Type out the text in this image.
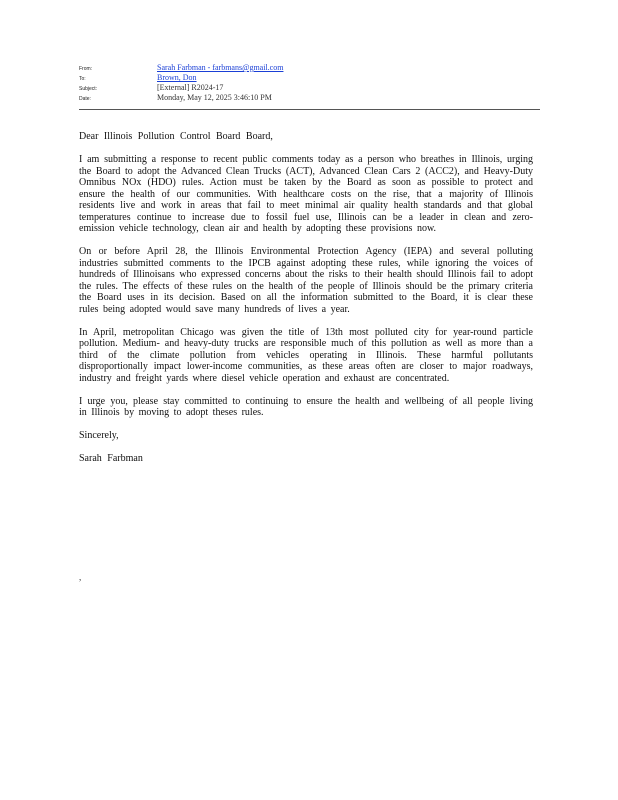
From:	Sarah Farbman - farbmans@gmail.com
To:	Brown, Don
Subject:	[External] R2024-17
Date:	Monday, May 12, 2025 3:46:10 PM

Dear Illinois Pollution Control Board Board,

I am submitting a response to recent public comments today as a person who breathes in Illinois, urging the Board to adopt the Advanced Clean Trucks (ACT), Advanced Clean Cars 2 (ACC2), and Heavy-Duty Omnibus NOx (HDO) rules. Action must be taken by the Board as soon as possible to protect and ensure the health of our communities. With healthcare costs on the rise, that a majority of Illinois residents live and work in areas that fail to meet minimal air quality health standards and that global temperatures continue to increase due to fossil fuel use, Illinois can be a leader in clean and zero-emission vehicle technology, clean air and health by adopting these provisions now.

On or before April 28, the Illinois Environmental Protection Agency (IEPA) and several polluting industries submitted comments to the IPCB against adopting these rules, while ignoring the voices of hundreds of Illinoisans who expressed concerns about the risks to their health should Illinois fail to adopt the rules. The effects of these rules on the health of the people of Illinois should be the primary criteria the Board uses in its decision. Based on all the information submitted to the Board, it is clear these rules being adopted would save many hundreds of lives a year.

In April, metropolitan Chicago was given the title of 13th most polluted city for year-round particle pollution. Medium- and heavy-duty trucks are responsible much of this pollution as well as more than a third of the climate pollution from vehicles operating in Illinois. These harmful pollutants disproportionally impact lower-income communities, as these areas often are closer to major roadways, industry and freight yards where diesel vehicle operation and exhaust are concentrated.

I urge you, please stay committed to continuing to ensure the health and wellbeing of all people living in Illinois by moving to adopt theses rules.

Sincerely,

Sarah Farbman

,
